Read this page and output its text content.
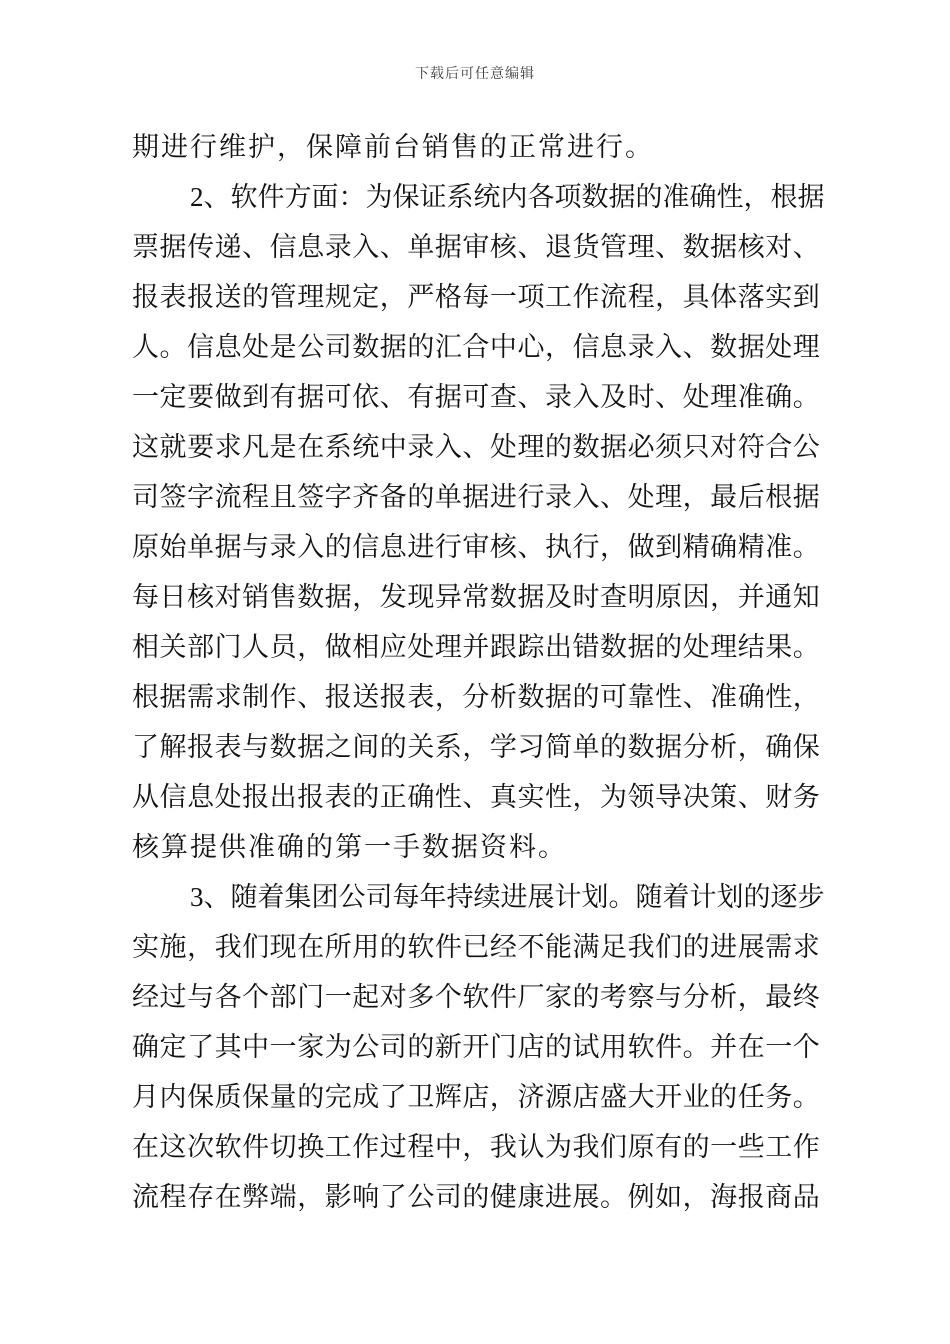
下载后可任意编辑
期进行维护，保障前台销售的正常进行。
2 、 软 件 方 面 ： 为 保 证 系 统 内 各 项 数 据 的 准 确 性 ， 根 据
票 据 传 递 、 信 息 录 入 、 单 据 审 核 、 退 货 管 理 、 数 据 核 对 、
报 表 报 送 的 管 理 规 定 ， 严 格 每 一 项 工 作 流 程 ， 具 体 落 实 到
人 。 信 息 处 是 公 司 数 据 的 汇 合 中 心 ， 信 息 录 入 、 数 据 处 理
一 定 要 做 到 有 据 可 依 、 有 据 可 查 、 录 入 及 时 、 处 理 准 确 。
这 就 要 求 凡 是 在 系 统 中 录 入 、 处 理 的 数 据 必 须 只 对 符 合 公
司 签 字 流 程 且 签 字 齐 备 的 单 据 进 行 录 入 、 处 理 ， 最 后 根 据
原 始 单 据 与 录 入 的 信 息 进 行 审 核 、 执 行 ， 做 到 精 确 精 准 。
每 日 核 对 销 售 数 据 ， 发 现 异 常 数 据 及 时 查 明 原 因 ， 并 通 知
相 关 部 门 人 员 ， 做 相 应 处 理 并 跟 踪 出 错 数 据 的 处 理 结 果 。
根 据 需 求 制 作 、 报 送 报 表 ， 分 析 数 据 的 可 靠 性 、 准 确 性 ，
了 解 报 表 与 数 据 之 间 的 关 系 ， 学 习 简 单 的 数 据 分 析 ， 确 保
从 信 息 处 报 出 报 表 的 正 确 性 、 真 实 性 ， 为 领 导 决 策 、 财 务
核算提供准确的第一手数据资料。
3 、 随 着 集 团 公 司 每 年 持 续 进 展 计 划 。 随 着 计 划 的 逐 步
实 施 ， 我 们 现 在 所 用 的 软 件 已 经 不 能 满 足 我 们 的 进 展 需 求
经 过 与 各 个 部 门 一 起 对 多 个 软 件 厂 家 的 考 察 与 分 析 ， 最 终
确 定 了 其 中 一 家 为 公 司 的 新 开 门 店 的 试 用 软 件 。 并 在 一 个
月 内 保 质 保 量 的 完 成 了 卫 辉 店 ， 济 源 店 盛 大 开 业 的 任 务 。
在 这 次 软 件 切 换 工 作 过 程 中 ， 我 认 为 我 们 原 有 的 一 些 工 作
流 程 存 在 弊 端 ， 影 响 了 公 司 的 健 康 进 展 。 例 如 ， 海 报 商 品
